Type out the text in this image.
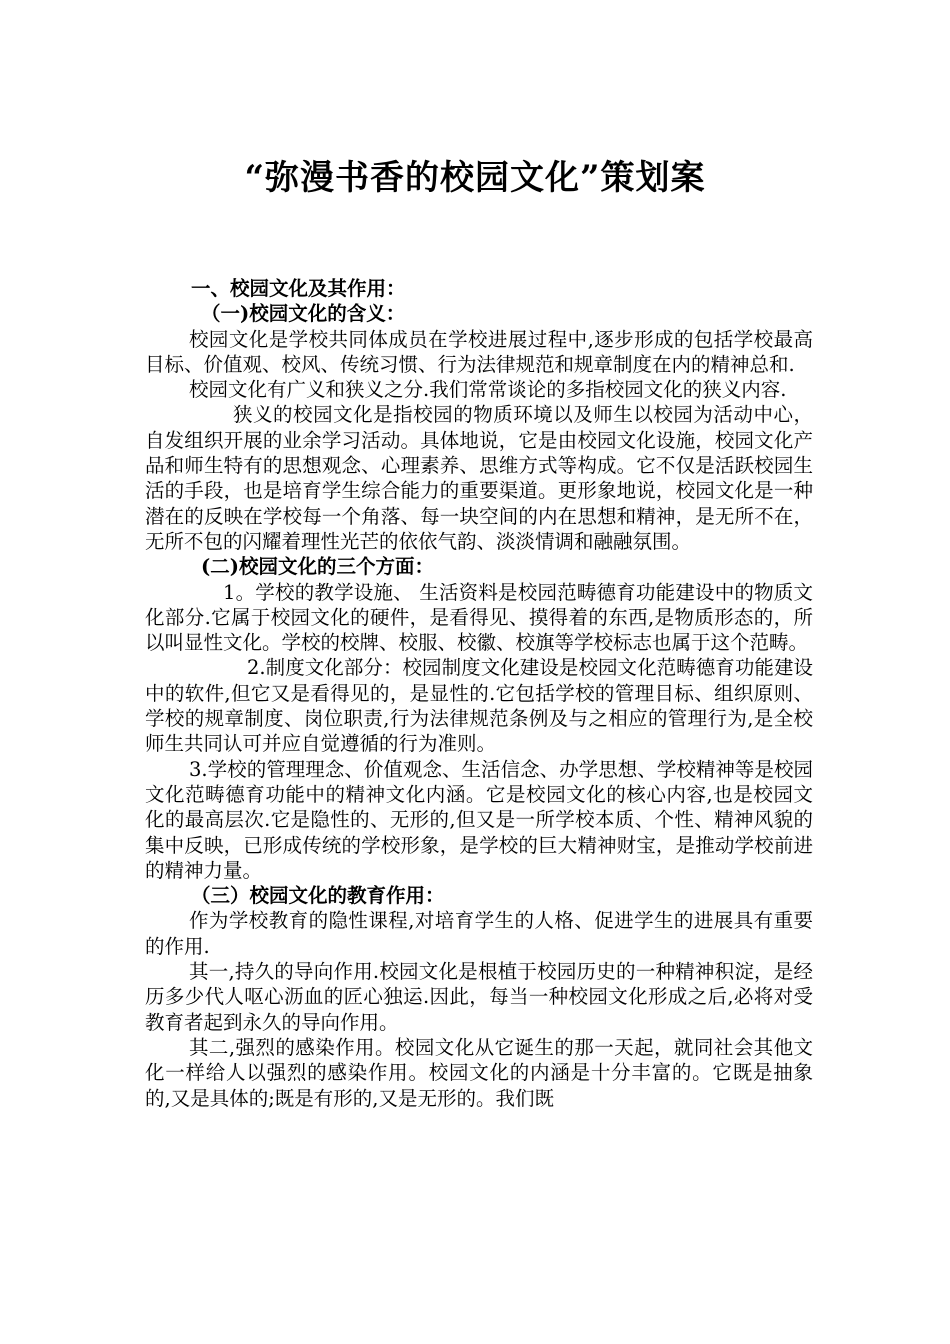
“弥漫书香的校园文化”策划案

一、校园文化及其作用：

（一)校园文化的含义：

校园文化是学校共同体成员在学校进展过程中,逐步形成的包括学校最高目标、价值观、校风、传统习惯、行为法律规范和规章制度在内的精神总和.

校园文化有广义和狭义之分.我们常常谈论的多指校园文化的狭义内容.

狭义的校园文化是指校园的物质环境以及师生以校园为活动中心，自发组织开展的业余学习活动。具体地说，它是由校园文化设施，校园文化产品和师生特有的思想观念、心理素养、思维方式等构成。它不仅是活跃校园生活的手段，也是培育学生综合能力的重要渠道。更形象地说，校园文化是一种潜在的反映在学校每一个角落、每一块空间的内在思想和精神，是无所不在，无所不包的闪耀着理性光芒的依依气韵、淡淡情调和融融氛围。

(二)校园文化的三个方面：

1。学校的教学设施、 生活资料是校园范畴德育功能建设中的物质文化部分.它属于校园文化的硬件，是看得见、摸得着的东西,是物质形态的，所以叫显性文化。学校的校牌、校服、校徽、校旗等学校标志也属于这个范畴。

2.制度文化部分：校园制度文化建设是校园文化范畴德育功能建设中的软件,但它又是看得见的，是显性的.它包括学校的管理目标、组织原则、学校的规章制度、岗位职责,行为法律规范条例及与之相应的管理行为,是全校师生共同认可并应自觉遵循的行为准则。

3.学校的管理理念、价值观念、生活信念、办学思想、学校精神等是校园文化范畴德育功能中的精神文化内涵。它是校园文化的核心内容,也是校园文化的最高层次.它是隐性的、无形的,但又是一所学校本质、个性、精神风貌的集中反映，已形成传统的学校形象，是学校的巨大精神财宝，是推动学校前进的精神力量。

（三）校园文化的教育作用：

作为学校教育的隐性课程,对培育学生的人格、促进学生的进展具有重要的作用.

其一,持久的导向作用.校园文化是根植于校园历史的一种精神积淀，是经历多少代人呕心沥血的匠心独运.因此，每当一种校园文化形成之后,必将对受教育者起到永久的导向作用。

其二,强烈的感染作用。校园文化从它诞生的那一天起，就同社会其他文化一样给人以强烈的感染作用。校园文化的内涵是十分丰富的。它既是抽象的,又是具体的;既是有形的,又是无形的。我们既
